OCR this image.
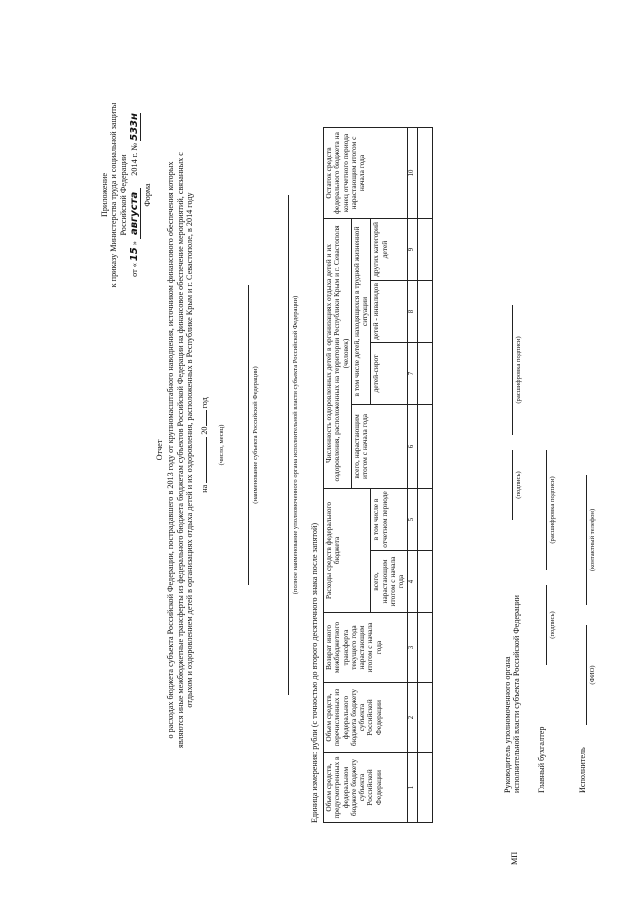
Приложение к приказу Министерства труда и социальной защиты Российской Федерации
от « 15 » августа 2014 г. № 533н
Форма
Отчет о расходах бюджета субъекта Российской Федерации, пострадавшего в 2013 году от крупномасштабного наводнения, источником финансового обеспечения которых являются иные межбюджетные трансферты из федерального бюджета бюджетам субъектов Российской Федерации на финансовое обеспечение мероприятий, связанных с отдыхом и оздоровлением детей в организациях отдыха детей и их оздоровления, расположенных в Республике Крым и г. Севастополе, в 2014 году на  20 год
(число, месяц)	(наименование субъекта Российской Федерации)	(полное наименование уполномоченного органа исполнительной власти субъекта Российской Федерации)
Единица измерения: рубли (с точностью до второго десятичного знака после запятой) Объем средств, предусмотренных в федеральном бюджете бюджету субъекта Российской Федерации	Объем средств, перечисленных из федерального бюджета бюджету субъекта Российской Федерации	Возврат иного межбюджетного трансферта текущего года нарастающим итогом с начала года	Расходы средств федерального бюджета		Численность оздоровленных детей в организациях отдыха детей и их оздоровления, расположенных на территории Республики Крым и г. Севастополя (человек)				Остаток средств федерального бюджета на конец отчетного периода нарастающим итогом с начала года
					всего, нарастающим итогом с начала года	в том числе детей, находящихся в трудной жизненной ситуации			
			всего, нарастающим итогом с начала года	в том числе в отчетном периоде		детей-сирот	детей - инвалидов	других категорий детей	
1	2	3	4	5	6	7	8	9	10

Руководитель уполномоченного органа исполнительной власти субъекта Российской Федерации
(подпись)
(расшифровка подписи)
Главный бухгалтер
(подпись)
(расшифровка подписи)
Исполнитель
(ФИО)
(контактный телефон)
МП
